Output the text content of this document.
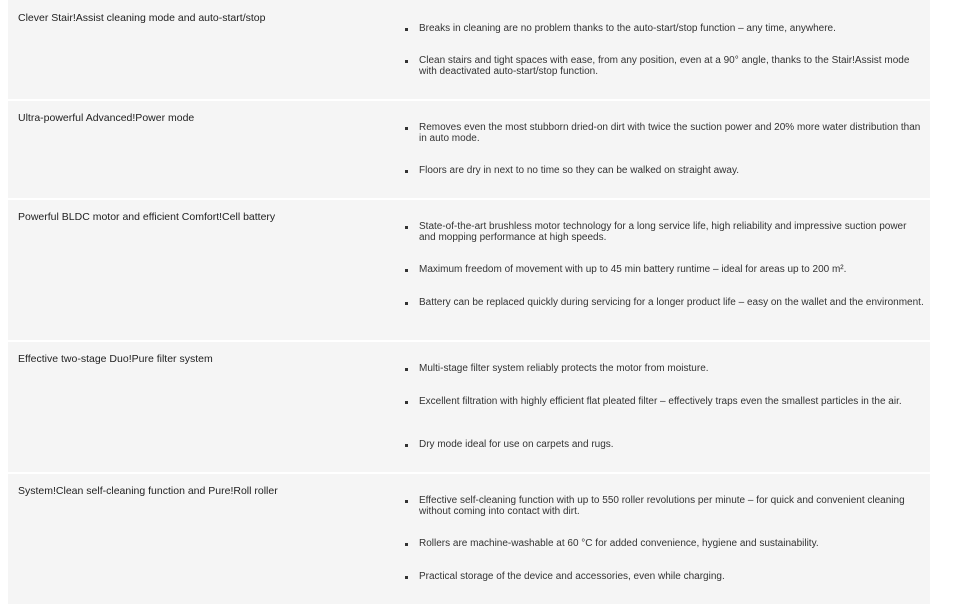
Clever Stair!Assist cleaning mode and auto-start/stop
Breaks in cleaning are no problem thanks to the auto-start/stop function – any time, anywhere.
Clean stairs and tight spaces with ease, from any position, even at a 90° angle, thanks to the Stair!Assist mode with deactivated auto-start/stop function.
Ultra-powerful Advanced!Power mode
Removes even the most stubborn dried-on dirt with twice the suction power and 20% more water distribution than in auto mode.
Floors are dry in next to no time so they can be walked on straight away.
Powerful BLDC motor and efficient Comfort!Cell battery
State-of-the-art brushless motor technology for a long service life, high reliability and impressive suction power and mopping performance at high speeds.
Maximum freedom of movement with up to 45 min battery runtime – ideal for areas up to 200 m².
Battery can be replaced quickly during servicing for a longer product life – easy on the wallet and the environment.
Effective two-stage Duo!Pure filter system
Multi-stage filter system reliably protects the motor from moisture.
Excellent filtration with highly efficient flat pleated filter – effectively traps even the smallest particles in the air.
Dry mode ideal for use on carpets and rugs.
System!Clean self-cleaning function and Pure!Roll roller
Effective self-cleaning function with up to 550 roller revolutions per minute – for quick and convenient cleaning without coming into contact with dirt.
Rollers are machine-washable at 60 °C for added convenience, hygiene and sustainability.
Practical storage of the device and accessories, even while charging.
